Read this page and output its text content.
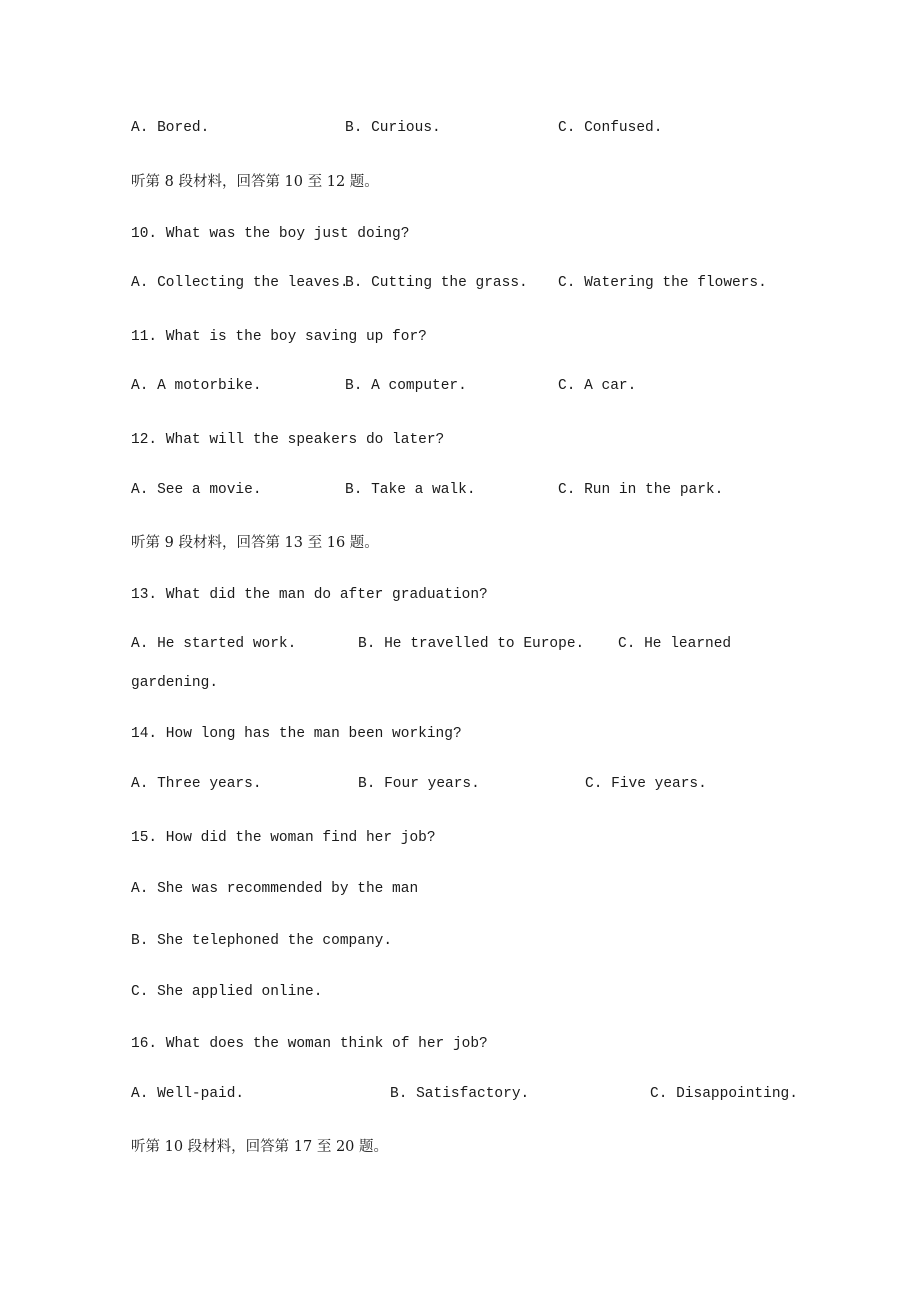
A. Bored.	B. Curious.	C. Confused.
听第 8 段材料，回答第 10 至 12 题。
10. What was the boy just doing?
A. Collecting the leaves.
B. Cutting the grass. C. Watering the flowers.
11. What is the boy saving up for?
A. A motorbike.	B. A computer.	C. A car.
12. What will the speakers do later?
A. See a movie.	B. Take a walk.	C. Run in the park.
听第 9 段材料，回答第 13 至 16 题。
13. What did the man do after graduation?
A. He started work.	B. He travelled to Europe. C. He learned
gardening.
14. How long has the man been working?
A. Three years.	B. Four years.	C. Five years.
15. How did the woman find her job?
A. She was recommended by the man
B. She telephoned the company.
C. She applied online.
16. What does the woman think of her job?
A. Well-paid.	B. Satisfactory.	C. Disappointing.
听第 10 段材料，回答第 17 至 20 题。
